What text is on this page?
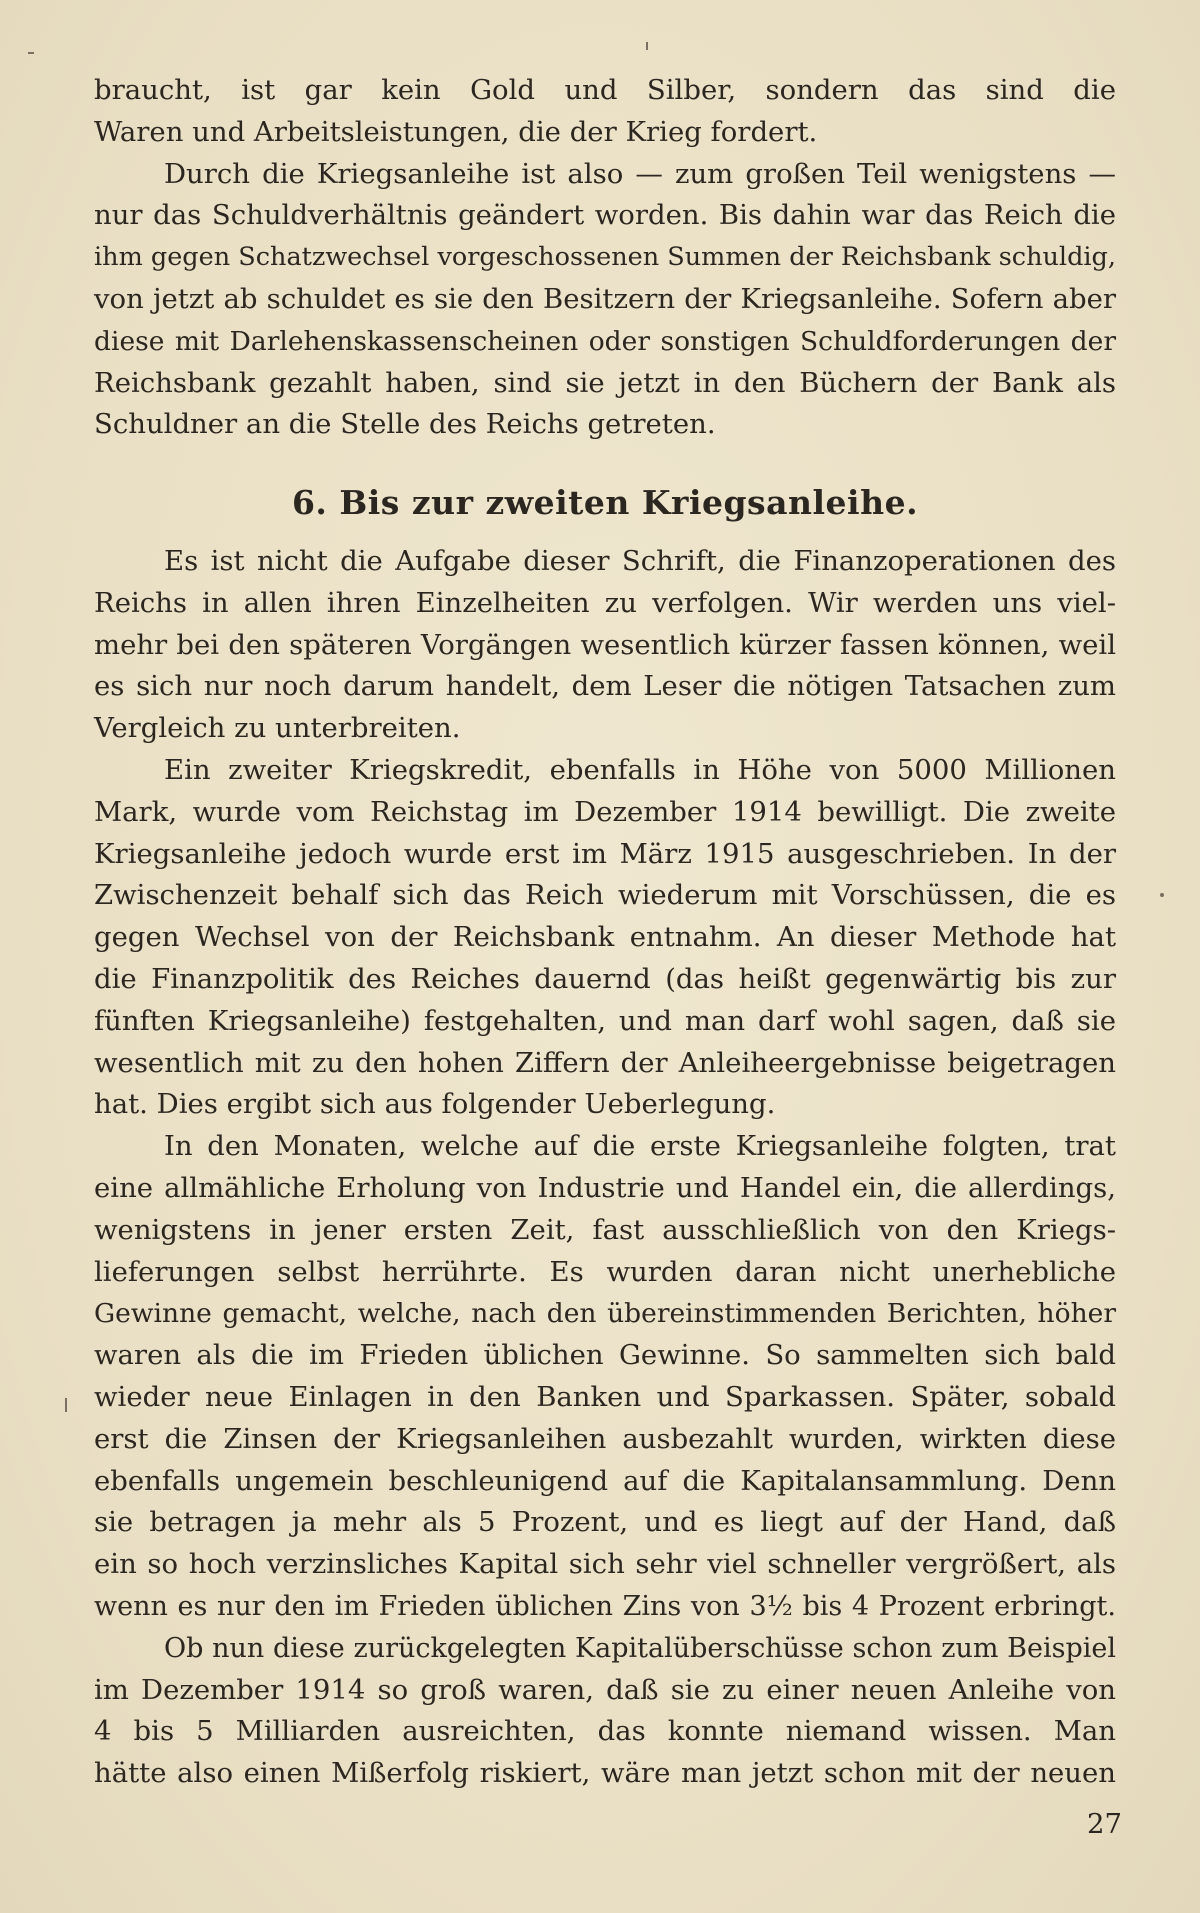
braucht, ist gar kein Gold und Silber, sondern das sind die
Waren und Arbeitsleistungen, die der Krieg fordert.
Durch die Kriegsanleihe ist also — zum großen Teil wenigstens —
nur das Schuldverhältnis geändert worden. Bis dahin war das Reich die
ihm gegen Schatzwechsel vorgeschossenen Summen der Reichsbank schuldig,
von jetzt ab schuldet es sie den Besitzern der Kriegsanleihe. Sofern aber
diese mit Darlehenskassenscheinen oder sonstigen Schuldforderungen der
Reichsbank gezahlt haben, sind sie jetzt in den Büchern der Bank als
Schuldner an die Stelle des Reichs getreten.
6. Bis zur zweiten Kriegsanleihe.
Es ist nicht die Aufgabe dieser Schrift, die Finanzoperationen des
Reichs in allen ihren Einzelheiten zu verfolgen. Wir werden uns viel-
mehr bei den späteren Vorgängen wesentlich kürzer fassen können, weil
es sich nur noch darum handelt, dem Leser die nötigen Tatsachen zum
Vergleich zu unterbreiten.
Ein zweiter Kriegskredit, ebenfalls in Höhe von 5000 Millionen
Mark, wurde vom Reichstag im Dezember 1914 bewilligt. Die zweite
Kriegsanleihe jedoch wurde erst im März 1915 ausgeschrieben. In der
Zwischenzeit behalf sich das Reich wiederum mit Vorschüssen, die es
gegen Wechsel von der Reichsbank entnahm. An dieser Methode hat
die Finanzpolitik des Reiches dauernd (das heißt gegenwärtig bis zur
fünften Kriegsanleihe) festgehalten, und man darf wohl sagen, daß sie
wesentlich mit zu den hohen Ziffern der Anleiheergebnisse beigetragen
hat. Dies ergibt sich aus folgender Ueberlegung.
In den Monaten, welche auf die erste Kriegsanleihe folgten, trat
eine allmähliche Erholung von Industrie und Handel ein, die allerdings,
wenigstens in jener ersten Zeit, fast ausschließlich von den Kriegs-
lieferungen selbst herrührte. Es wurden daran nicht unerhebliche
Gewinne gemacht, welche, nach den übereinstimmenden Berichten, höher
waren als die im Frieden üblichen Gewinne. So sammelten sich bald
wieder neue Einlagen in den Banken und Sparkassen. Später, sobald
erst die Zinsen der Kriegsanleihen ausbezahlt wurden, wirkten diese
ebenfalls ungemein beschleunigend auf die Kapitalansammlung. Denn
sie betragen ja mehr als 5 Prozent, und es liegt auf der Hand, daß
ein so hoch verzinsliches Kapital sich sehr viel schneller vergrößert, als
wenn es nur den im Frieden üblichen Zins von 3½ bis 4 Prozent erbringt.
Ob nun diese zurückgelegten Kapitalüberschüsse schon zum Beispiel
im Dezember 1914 so groß waren, daß sie zu einer neuen Anleihe von
4 bis 5 Milliarden ausreichten, das konnte niemand wissen. Man
hätte also einen Mißerfolg riskiert, wäre man jetzt schon mit der neuen
27
